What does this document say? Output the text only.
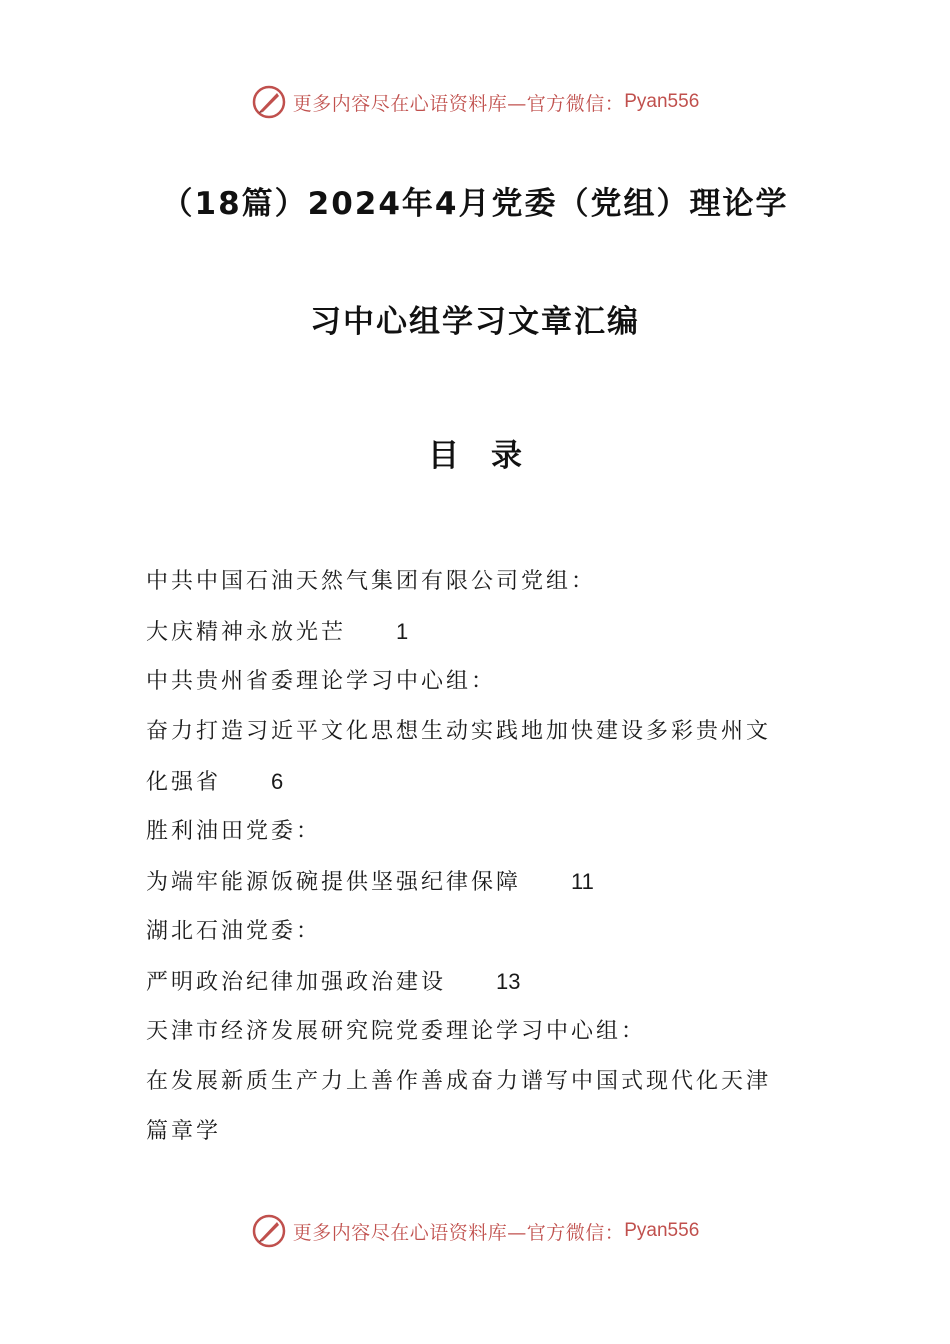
更多内容尽在心语资料库—官方微信： Pyan556
（18篇）2024年4月党委（党组）理论学
习中心组学习文章汇编
目录
中共中国石油天然气集团有限公司党组：
大庆精神永放光芒 1
中共贵州省委理论学习中心组：
奋力打造习近平文化思想生动实践地加快建设多彩贵州文
化强省 6
胜利油田党委：
为端牢能源饭碗提供坚强纪律保障 11
湖北石油党委：
严明政治纪律加强政治建设 13
天津市经济发展研究院党委理论学习中心组：
在发展新质生产力上善作善成奋力谱写中国式现代化天津
篇章学
更多内容尽在心语资料库—官方微信： Pyan556
